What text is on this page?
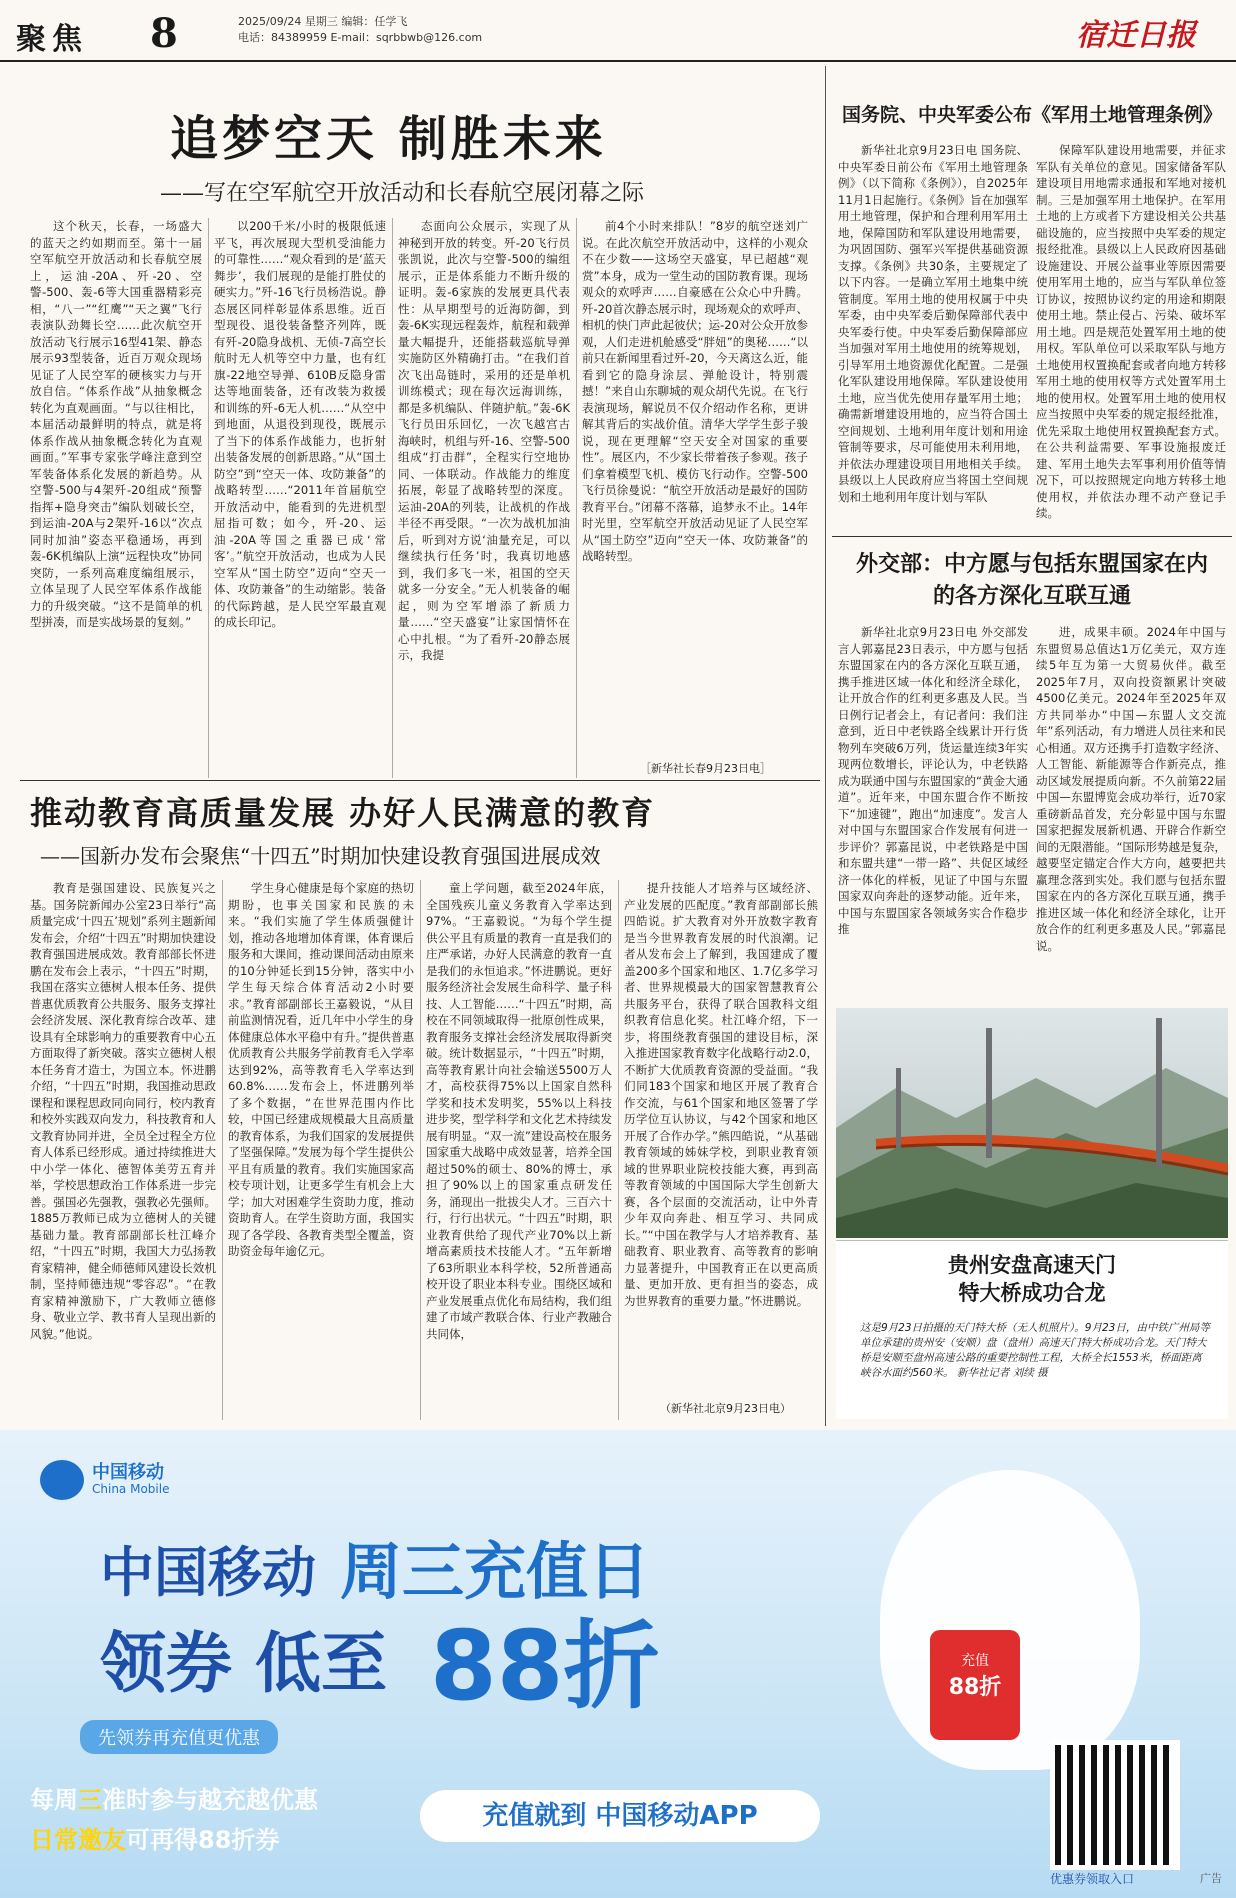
聚焦 8	2025/09/24 星期三 编辑：任学飞
电话：84389959 E-mail：sqrbbwb@126.com	宿迁日报
追梦空天 制胜未来
——写在空军航空开放活动和长春航空展闭幕之际

这个秋天，长春，一场盛大的蓝天之约如期而至。第十一届空军航空开放活动和长春航空展上，运油-20A、歼-20、空警-500、轰-6等大国重器精彩亮相，“八一”“红鹰”“天之翼”飞行表演队劲舞长空……此次航空开放活动飞行展示16型41架、静态展示93型装备，近百万观众现场见证了人民空军的硬核实力与开放自信。“体系作战”从抽象概念转化为直观画面。“与以往相比，本届活动最鲜明的特点，就是将体系作战从抽象概念转化为直观画面。”军事专家张学峰注意到空军装备体系化发展的新趋势。从空警-500与4架歼-20组成“预警指挥+隐身突击”编队划破长空，到运油-20A与2架歼-16以“次点同时加油”姿态平稳通场，再到轰-6K机编队上演“远程快攻”协同突防，一系列高难度编组展示，立体呈现了人民空军体系作战能力的升级突破。“这不是简单的机型拼凑，而是实战场景的复刻。”

以200千米/小时的极限低速平飞，再次展现大型机受油能力的可靠性……“观众看到的是‘蓝天舞步’，我们展现的是能打胜仗的硬实力。”歼-16飞行员杨浩说。静态展区同样彰显体系思维。近百型现役、退役装备整齐列阵，既有歼-20隐身战机、无侦-7高空长航时无人机等空中力量，也有红旗-22地空导弹、610B反隐身雷达等地面装备，还有改装为救援和训练的歼-6无人机……“从空中到地面，从退役到现役，既展示了当下的体系作战能力，也折射出装备发展的创新思路。”从“国土防空”到“空天一体、攻防兼备”的战略转型……“2011年首届航空开放活动中，能看到的先进机型屈指可数；如今，歼-20、运油-20A等国之重器已成‘常客’。”航空开放活动，也成为人民空军从“国土防空”迈向“空天一体、攻防兼备”的生动缩影。装备的代际跨越，是人民空军最直观的成长印记。

态面向公众展示，实现了从神秘到开放的转变。歼-20飞行员张凯说，此次与空警-500的编组展示，正是体系能力不断升级的证明。轰-6家族的发展更具代表性：从早期型号的近海防御，到轰-6K实现远程轰炸，航程和载弹量大幅提升，还能搭载巡航导弹实施防区外精确打击。“在我们首次飞出岛链时，采用的还是单机训练模式；现在每次远海训练，都是多机编队、伴随护航。”轰-6K飞行员田乐回忆，一次飞越宫古海峡时，机组与歼-16、空警-500组成“打击群”，全程实行空地协同、一体联动。作战能力的维度拓展，彰显了战略转型的深度。运油-20A的列装，让战机的作战半径不再受限。“一次为战机加油后，听到对方说‘油量充足，可以继续执行任务’时，我真切地感到，我们多飞一米，祖国的空天就多一分安全。”无人机装备的崛起，则为空军增添了新质力量……“空天盛宴”让家国情怀在心中扎根。“为了看歼-20静态展示，我提

前4个小时来排队！”8岁的航空迷刘广说。在此次航空开放活动中，这样的小观众不在少数——这场空天盛宴，早已超越“观赏”本身，成为一堂生动的国防教育课。现场观众的欢呼声……自豪感在公众心中升腾。歼-20首次静态展示时，现场观众的欢呼声、相机的快门声此起彼伏；运-20对公众开放参观，人们走进机舱感受“胖妞”的奥秘……“以前只在新闻里看过歼-20，今天离这么近，能看到它的隐身涂层、弹舱设计，特别震撼！”来自山东聊城的观众胡代先说。在飞行表演现场，解说员不仅介绍动作名称，更讲解其背后的实战价值。清华大学学生彭子骏说，现在更理解“空天安全对国家的重要性”。展区内，不少家长带着孩子参观。孩子们拿着模型飞机、模仿飞行动作。空警-500飞行员徐曼说：“航空开放活动是最好的国防教育平台。”闭幕不落幕，追梦永不止。14年时光里，空军航空开放活动见证了人民空军从“国土防空”迈向“空天一体、攻防兼备”的战略转型。

［新华社长春9月23日电］
国务院、中央军委公布《军用土地管理条例》

新华社北京9月23日电 国务院、中央军委日前公布《军用土地管理条例》（以下简称《条例》），自2025年11月1日起施行。《条例》旨在加强军用土地管理，保护和合理利用军用土地，保障国防和军队建设用地需要，为巩固国防、强军兴军提供基础资源支撑。《条例》共30条，主要规定了以下内容。一是确立军用土地集中统管制度。军用土地的使用权属于中央军委，由中央军委后勤保障部代表中央军委行使。中央军委后勤保障部应当加强对军用土地使用的统筹规划，引导军用土地资源优化配置。二是强化军队建设用地保障。军队建设使用土地，应当优先使用存量军用土地；确需新增建设用地的，应当符合国土空间规划、土地利用年度计划和用途管制等要求，尽可能使用未利用地，并依法办理建设项目用地相关手续。县级以上人民政府应当将国土空间规划和土地利用年度计划与军队

保障军队建设用地需要，并征求军队有关单位的意见。国家储备军队建设项目用地需求通报和军地对接机制。三是加强军用土地保护。在军用土地的上方或者下方建设相关公共基础设施的，应当按照中央军委的规定报经批准。县级以上人民政府因基础设施建设、开展公益事业等原因需要使用军用土地的，应当与军队单位签订协议，按照协议约定的用途和期限使用土地。禁止侵占、污染、破坏军用土地。四是规范处置军用土地的使用权。军队单位可以采取军队与地方土地使用权置换配套或者向地方转移军用土地的使用权等方式处置军用土地的使用权。处置军用土地的使用权应当按照中央军委的规定报经批准，优先采取土地使用权置换配套方式。在公共利益需要、军事设施报废迁建、军用土地失去军事利用价值等情况下，可以按照规定向地方转移土地使用权，并依法办理不动产登记手续。

外交部：中方愿与包括东盟国家在内的各方深化互联互通

新华社北京9月23日电 外交部发言人郭嘉昆23日表示，中方愿与包括东盟国家在内的各方深化互联互通，携手推进区域一体化和经济全球化，让开放合作的红利更多惠及人民。当日例行记者会上，有记者问：我们注意到，近日中老铁路全线累计开行货物列车突破6万列，货运量连续3年实现两位数增长，评论认为，中老铁路成为联通中国与东盟国家的“黄金大通道”。近年来，中国东盟合作不断按下“加速键”，跑出“加速度”。发言人对中国与东盟国家合作发展有何进一步评价？郭嘉昆说，中老铁路是中国和东盟共建“一带一路”、共促区域经济一体化的样板，见证了中国与东盟国家双向奔赴的逐梦动能。近年来，中国与东盟国家各领域务实合作稳步推

进，成果丰硕。2024年中国与东盟贸易总值达1万亿美元，双方连续5年互为第一大贸易伙伴。截至2025年7月，双向投资额累计突破4500亿美元。2024年至2025年双方共同举办“中国—东盟人文交流年”系列活动，有力增进人员往来和民心相通。双方还携手打造数字经济、人工智能、新能源等合作新亮点，推动区域发展提质向新。不久前第22届中国—东盟博览会成功举行，近70家重磅新品首发，充分彰显中国与东盟国家把握发展新机遇、开辟合作新空间的无限潜能。“国际形势越是复杂，越要坚定锚定合作大方向，越要把共赢理念落到实处。我们愿与包括东盟国家在内的各方深化互联互通，携手推进区域一体化和经济全球化，让开放合作的红利更多惠及人民。”郭嘉昆说。

推动教育高质量发展 办好人民满意的教育
——国新办发布会聚焦“十四五”时期加快建设教育强国进展成效

教育是强国建设、民族复兴之基。国务院新闻办公室23日举行“高质量完成‘十四五’规划”系列主题新闻发布会，介绍“十四五”时期加快建设教育强国进展成效。教育部部长怀进鹏在发布会上表示，“十四五”时期，我国在落实立德树人根本任务、提供普惠优质教育公共服务、服务支撑社会经济发展、深化教育综合改革、建设具有全球影响力的重要教育中心五方面取得了新突破。落实立德树人根本任务育才造士，为国立本。怀进鹏介绍，“十四五”时期，我国推动思政课程和课程思政同向同行，校内教育和校外实践双向发力，科技教育和人文教育协同并进，全员全过程全方位育人体系已经形成。通过持续推进大中小学一体化、德智体美劳五育并举，学校思想政治工作体系进一步完善。强国必先强教，强教必先强师。1885万教师已成为立德树人的关键基础力量。教育部副部长杜江峰介绍，“十四五”时期，我国大力弘扬教育家精神，健全师德师风建设长效机制，坚持师德违规“零容忍”。“在教育家精神激励下，广大教师立德修身、敬业立学、教书育人呈现出新的风貌。”他说。

学生身心健康是每个家庭的热切期盼，也事关国家和民族的未来。“我们实施了学生体质强健计划，推动各地增加体育课，体育课后服务和大课间，推动课间活动由原来的10分钟延长到15分钟，落实中小学生每天综合体育活动2小时要求。”教育部副部长王嘉毅说，“从目前监测情况看，近几年中小学生的身体健康总体水平稳中有升。”提供普惠优质教育公共服务学前教育毛入学率达到92%，高等教育毛入学率达到60.8%……发布会上，怀进鹏列举了多个数据，“在世界范围内作比较，中国已经建成规模最大且高质量的教育体系，为我们国家的发展提供了坚强保障。”发展为每个学生提供公平且有质量的教育。我们实施国家高校专项计划，让更多学生有机会上大学；加大对困难学生资助力度，推动资助育人。在学生资助方面，我国实现了各学段、各教育类型全覆盖，资助资金每年逾亿元。

童上学问题，截至2024年底，全国残疾儿童义务教育入学率达到97%。“王嘉毅说。“为每个学生提供公平且有质量的教育一直是我们的庄严承诺，办好人民满意的教育一直是我们的永恒追求。”怀进鹏说。更好服务经济社会发展生命科学、量子科技、人工智能……“十四五”时期，高校在不同领域取得一批原创性成果，教育服务支撑社会经济发展取得新突破。统计数据显示，“十四五”时期，高等教育累计向社会输送5500万人才，高校获得75%以上国家自然科学奖和技术发明奖，55%以上科技进步奖，型学科学和文化艺术持续发展有明显。“双一流”建设高校在服务国家重大战略中成效显著，培养全国超过50%的硕士、80%的博士，承担了90%以上的国家重点研发任务，涌现出一批拔尖人才。三百六十行，行行出状元。“十四五”时期，职业教育供给了现代产业70%以上新增高素质技术技能人才。“五年新增了63所职业本科学校，52所普通高校开设了职业本科专业。围绕区域和产业发展重点优化布局结构，我们组建了市域产教联合体、行业产教融合共同体，

提升技能人才培养与区域经济、产业发展的匹配度。”教育部副部长熊四皓说。扩大教育对外开放数字教育是当今世界教育发展的时代浪潮。记者从发布会上了解到，我国建成了覆盖200多个国家和地区、1.7亿多学习者、世界规模最大的国家智慧教育公共服务平台，获得了联合国教科文组织教育信息化奖。杜江峰介绍，下一步，将围绕教育强国的建设目标，深入推进国家教育数字化战略行动2.0，不断扩大优质教育资源的受益面。“我们同183个国家和地区开展了教育合作交流，与61个国家和地区签署了学历学位互认协议，与42个国家和地区开展了合作办学。”熊四皓说，“从基础教育领域的姊妹学校，到职业教育领域的世界职业院校技能大赛，再到高等教育领域的中国国际大学生创新大赛，各个层面的交流活动，让中外青少年双向奔赴、相互学习、共同成长。”“中国在教学与人才培养教育、基础教育、职业教育、高等教育的影响力显著提升，中国教育正在以更高质量、更加开放、更有担当的姿态，成为世界教育的重要力量。”怀进鹏说。

（新华社北京9月23日电）
贵州安盘高速天门
特大桥成功合龙
这是9月23日拍摄的天门特大桥（无人机照片）。9月23日，由中铁广州局等单位承建的贵州安（安顺）盘（盘州）高速天门特大桥成功合龙。天门特大桥是安顺至盘州高速公路的重要控制性工程，大桥全长1553米，桥面距离峡谷水面约560米。 新华社记者 刘续 摄
中国移动
China Mobile
中国移动 周三充值日
领券 低至 88折
先领券再充值更优惠
每周三准时参与越充越优惠
日常邀友可再得88折券
充值就到 中国移动APP
充值
88折
优惠券领取入口	广告
